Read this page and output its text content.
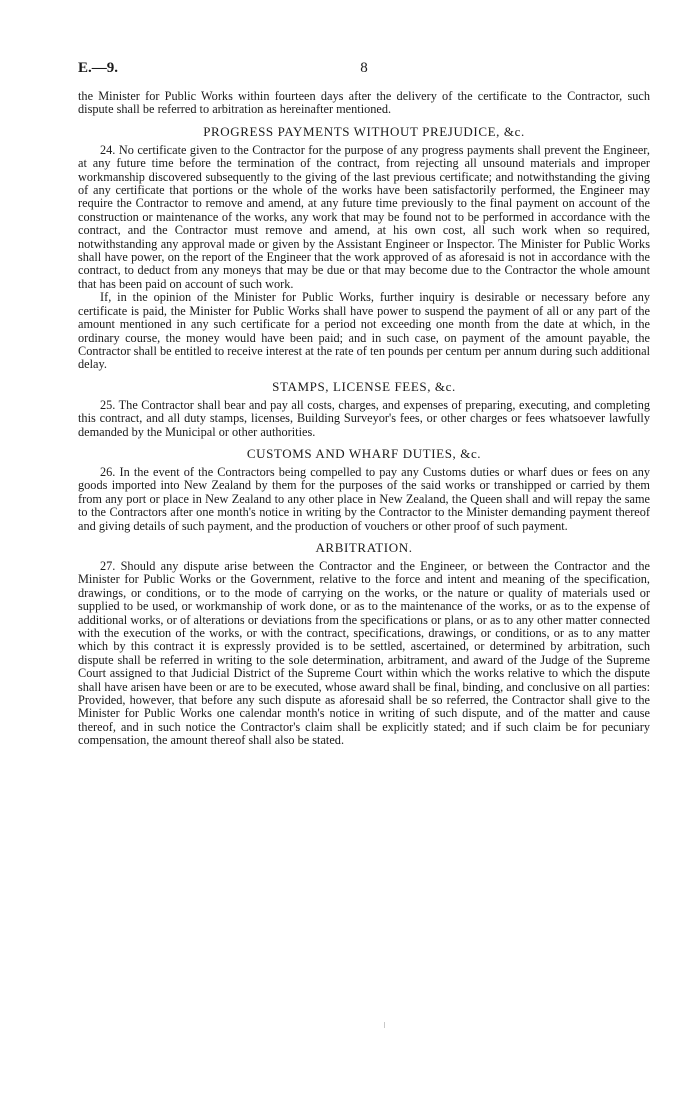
E.—9.	8

the Minister for Public Works within fourteen days after the delivery of the certificate to the Contractor, such dispute shall be referred to arbitration as hereinafter mentioned.

PROGRESS PAYMENTS WITHOUT PREJUDICE, &c.

24. No certificate given to the Contractor for the purpose of any progress payments shall prevent the Engineer, at any future time before the termination of the contract, from rejecting all unsound materials and improper workmanship discovered subsequently to the giving of the last previous certificate; and notwithstanding the giving of any certificate that portions or the whole of the works have been satisfactorily performed, the Engineer may require the Contractor to remove and amend, at any future time previously to the final payment on account of the construction or maintenance of the works, any work that may be found not to be performed in accordance with the contract, and the Contractor must remove and amend, at his own cost, all such work when so required, notwithstanding any approval made or given by the Assistant Engineer or Inspector. The Minister for Public Works shall have power, on the report of the Engineer that the work approved of as aforesaid is not in accordance with the contract, to deduct from any moneys that may be due or that may become due to the Contractor the whole amount that has been paid on account of such work.

If, in the opinion of the Minister for Public Works, further inquiry is desirable or necessary before any certificate is paid, the Minister for Public Works shall have power to suspend the payment of all or any part of the amount mentioned in any such certificate for a period not exceeding one month from the date at which, in the ordinary course, the money would have been paid; and in such case, on payment of the amount payable, the Contractor shall be entitled to receive interest at the rate of ten pounds per centum per annum during such additional delay.

STAMPS, LICENSE FEES, &c.

25. The Contractor shall bear and pay all costs, charges, and expenses of preparing, executing, and completing this contract, and all duty stamps, licenses, Building Surveyor's fees, or other charges or fees whatsoever lawfully demanded by the Municipal or other authorities.

CUSTOMS AND WHARF DUTIES, &c.

26. In the event of the Contractors being compelled to pay any Customs duties or wharf dues or fees on any goods imported into New Zealand by them for the purposes of the said works or transhipped or carried by them from any port or place in New Zealand to any other place in New Zealand, the Queen shall and will repay the same to the Contractors after one month's notice in writing by the Contractor to the Minister demanding payment thereof and giving details of such payment, and the production of vouchers or other proof of such payment.

ARBITRATION.

27. Should any dispute arise between the Contractor and the Engineer, or between the Contractor and the Minister for Public Works or the Government, relative to the force and intent and meaning of the specification, drawings, or conditions, or to the mode of carrying on the works, or the nature or quality of materials used or supplied to be used, or workmanship of work done, or as to the maintenance of the works, or as to the expense of additional works, or of alterations or deviations from the specifications or plans, or as to any other matter connected with the execution of the works, or with the contract, specifications, drawings, or conditions, or as to any matter which by this contract it is expressly provided is to be settled, ascertained, or determined by arbitration, such dispute shall be referred in writing to the sole determination, arbitrament, and award of the Judge of the Supreme Court assigned to that Judicial District of the Supreme Court within which the works relative to which the dispute shall have arisen have been or are to be executed, whose award shall be final, binding, and conclusive on all parties: Provided, however, that before any such dispute as aforesaid shall be so referred, the Contractor shall give to the Minister for Public Works one calendar month's notice in writing of such dispute, and of the matter and cause thereof, and in such notice the Contractor's claim shall be explicitly stated; and if such claim be for pecuniary compensation, the amount thereof shall also be stated.
